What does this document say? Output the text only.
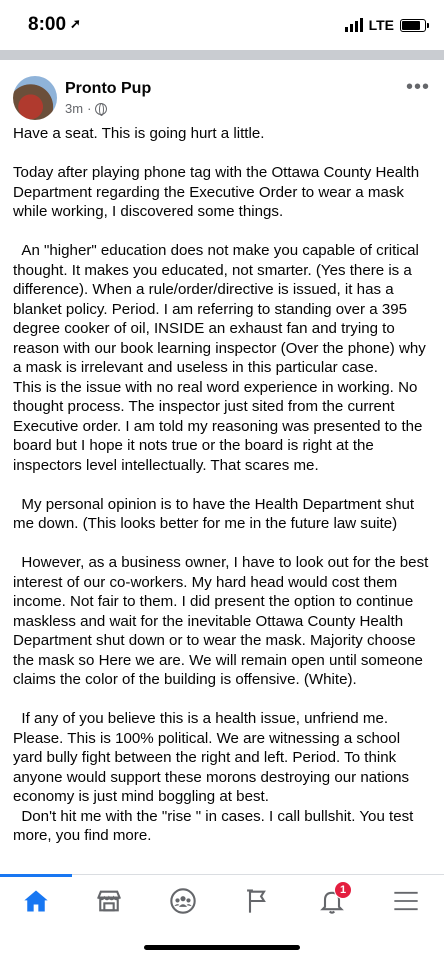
8:00 ➚	LTE
Pronto Pup
3m ·
•••

Have a seat. This is going hurt a little.

Today after playing phone tag with the Ottawa County Health Department regarding the Executive Order to wear a mask while working, I discovered some things.

An "higher" education does not make you capable of critical thought. It makes you educated, not smarter. (Yes there is a difference). When a rule/order/directive is issued, it has a blanket policy. Period. I am referring to standing over a 395 degree cooker of oil, INSIDE an exhaust fan and trying to reason with our book learning inspector (Over the phone) why a mask is irrelevant and useless in this particular case.

This is the issue with no real word experience in working. No thought process. The inspector just sited from the current Executive order. I am told my reasoning was presented to the board but I hope it nots true or the board is right at the inspectors level intellectually. That scares me.

My personal opinion is to have the Health Department shut me down. (This looks better for me in the future law suite)

However, as a business owner, I have to look out for the best interest of our co-workers. My hard head would cost them income. Not fair to them. I did present the option to continue maskless and wait for the inevitable Ottawa County Health Department shut down or to wear the mask. Majority choose the mask so Here we are. We will remain open until someone claims the color of the building is offensive. (White).

If any of you believe this is a health issue, unfriend me. Please. This is 100% political. We are witnessing a school yard bully fight between the right and left. Period. To think anyone would support these morons destroying our nations economy is just mind boggling at best.

Don't hit me with the "rise " in cases. I call bullshit. You test more, you find more.

1
